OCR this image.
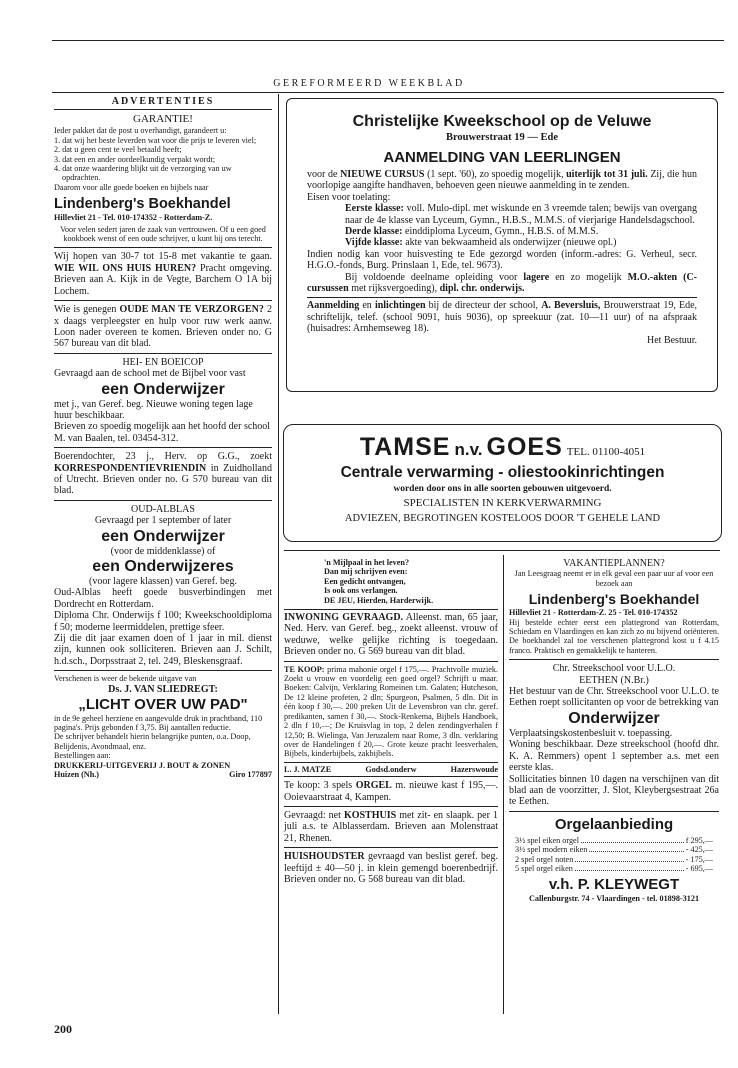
GEREFORMEERD WEEKBLAD

ADVERTENTIES

GARANTIE!

Ieder pakket dat de post u overhandigt, garandeert u:

1. dat wij het beste leverden wat voor die prijs te leveren viel;
2. dat u geen cent te veel betaald heeft;
3. dat een en ander oordeelkundig verpakt wordt;
4. dat onze waardering blijkt uit de verzorging van uw opdrachten.

Daarom voor alle goede boeken en bijbels naar

Lindenberg's Boekhandel

Hillevliet 21 - Tel. 010-174352 - Rotterdam-Z.

Voor velen sedert jaren de zaak van vertrouwen. Of u een goed kookboek wenst of een oude schrijver, u kunt bij ons terecht.

Wij hopen van 30-7 tot 15-8 met vakantie te gaan. WIE WIL ONS HUIS HUREN? Pracht omgeving. Brieven aan A. Kijk in de Vegte, Barchem O 1A bij Lochem.

Wie is genegen OUDE MAN TE VERZORGEN? 2 x daags verpleegster en hulp voor ruw werk aanw. Loon nader overeen te komen. Brieven onder no. G 567 bureau van dit blad.

HEI- EN BOEICOP

Gevraagd aan de school met de Bijbel voor vast

een Onderwijzer

met j., van Geref. beg. Nieuwe woning tegen lage huur beschikbaar.

Brieven zo spoedig mogelijk aan het hoofd der school M. van Baalen, tel. 03454-312.

Boerendochter, 23 j., Herv. op G.G., zoekt KORRESPONDENTIEVRIENDIN in Zuidholland of Utrecht. Brieven onder no. G 570 bureau van dit blad.

OUD-ALBLAS

Gevraagd per 1 september of later

een Onderwijzer

(voor de middenklasse) of

een Onderwijzeres

(voor lagere klassen) van Geref. beg.

Oud-Alblas heeft goede busverbindingen met Dordrecht en Rotterdam.

Diploma Chr. Onderwijs f 100; Kweekschooldiploma f 50; moderne leermiddelen, prettige sfeer.

Zij die dit jaar examen doen of 1 jaar in mil. dienst zijn, kunnen ook solliciteren. Brieven aan J. Schilt, h.d.sch., Dorpsstraat 2, tel. 249, Bleskensgraaf.

Verschenen is weer de bekende uitgave van

Ds. J. VAN SLIEDREGT:

„LICHT OVER UW PAD"

in de 9e geheel herziene en aangevulde druk in prachtband, 110 pagina's. Prijs gebonden f 3,75. Bij aantallen reductie.

De schrijver behandelt hierin belangrijke punten, o.a. Doop, Belijdenis, Avondmaal, enz.

Bestellingen aan:

DRUKKERIJ-UITGEVERIJ J. BOUT & ZONEN

Huizen (Nh.)	Giro 177897

Christelijke Kweekschool op de Veluwe

Brouwerstraat 19 — Ede

AANMELDING VAN LEERLINGEN

voor de NIEUWE CURSUS (1 sept. '60), zo spoedig mogelijk, uiterlijk tot 31 juli. Zij, die hun voorlopige aangifte handhaven, behoeven geen nieuwe aanmelding in te zenden.

Eisen voor toelating:

Eerste klasse: voll. Mulo-dipl. met wiskunde en 3 vreemde talen; bewijs van overgang naar de 4e klasse van Lyceum, Gymn., H.B.S., M.M.S. of vierjarige Handelsdagschool.

Derde klasse: einddiploma Lyceum, Gymn., H.B.S. of M.M.S.

Vijfde klasse: akte van bekwaamheid als onderwijzer (nieuwe opl.)

Indien nodig kan voor huisvesting te Ede gezorgd worden (inform.-adres: G. Verheul, secr. H.G.O.-fonds, Burg. Prinslaan 1, Ede, tel. 9673).

Bij voldoende deelname opleiding voor lagere en zo mogelijk M.O.-akten (C-cursussen met rijksvergoeding), dipl. chr. onderwijs.

Aanmelding en inlichtingen bij de directeur der school, A. Beversluis, Brouwerstraat 19, Ede, schriftelijk, telef. (school 9091, huis 9036), op spreekuur (zat. 10—11 uur) of na afspraak (huisadres: Arnhemseweg 18).

Het Bestuur.

TAMSE n.v. GOES TEL. 01100-4051

Centrale verwarming - oliestookinrichtingen

worden door ons in alle soorten gebouwen uitgevoerd.

SPECIALISTEN IN KERKVERWARMING

ADVIEZEN, BEGROTINGEN KOSTELOOS DOOR 'T GEHELE LAND

'n Mijlpaal in het leven?

Dan mij schrijven even:

Een gedicht ontvangen,

Is ook ons verlangen.

DE JEU, Hierden, Harderwijk.

INWONING GEVRAAGD. Alleenst. man, 65 jaar, Ned. Herv. van Geref. beg., zoekt alleenst. vrouw of weduwe, welke gelijke richting is toegedaan. Brieven onder no. G 569 bureau van dit blad.

TE KOOP: prima mahonie orgel f 175,—. Prachtvolle muziek. Zoekt u vrouw en voordelig een goed orgel? Schrijft u maar. Boeken: Calvijn, Verklaring Romeinen t.m. Galaten; Hutcheson, De 12 kleine profeten, 2 dln; Spurgeon, Psalmen, 5 dln. Dit in één koop f 30,—. 200 preken Uit de Levensbron van chr. geref. predikanten, samen f 30,—. Stock-Renkema, Bijbels Handboek, 2 dln f 10,—; De Kruisvlag in top, 2 delen zendingverhalen f 12,50; B. Wielinga, Van Jeruzalem naar Rome, 3 dln. verklaring over de Handelingen f 20,—. Grote keuze pracht leesverhalen, Bijbels, kinderbijbels, zakbijbels.

L. J. MATZE	Godsd.onderw	Hazerswoude

Te koop: 3 spels ORGEL m. nieuwe kast f 195,—. Ooievaarstraat 4, Kampen.

Gevraagd: net KOSTHUIS met zit- en slaapk. per 1 juli a.s. te Alblasserdam. Brieven aan Molenstraat 21, Rhenen.

HUISHOUDSTER gevraagd van beslist geref. beg. leeftijd ± 40—50 j. in klein gemengd boerenbedrijf. Brieven onder no. G 568 bureau van dit blad.

VAKANTIEPLANNEN?

Jan Leesgraag neemt er in elk geval een paar uur af voor een bezoek aan

Lindenberg's Boekhandel

Hillevliet 21 - Rotterdam-Z. 25 - Tel. 010-174352

Hij bestelde echter eerst een plattegrond van Rotterdam, Schiedam en Vlaardingen en kan zich zo nu bijvend oriënteren. De boekhandel zal toe verschenen plattegrond kost u f 4.15 franco. Praktisch en gemakkelijk te hanteren.

Chr. Streekschool voor U.L.O.

EETHEN (N.Br.)

Het bestuur van de Chr. Streekschool voor U.L.O. te Eethen roept sollicitanten op voor de betrekking van

Onderwijzer

Verplaatsingskostenbesluit v. toepassing.

Woning beschikbaar. Deze streekschool (hoofd dhr. K. A. Remmers) opent 1 september a.s. met een eerste klas.

Sollicitaties binnen 10 dagen na verschijnen van dit blad aan de voorzitter, J. Slot, Kleybergsestraat 26a te Eethen.

Orgelaanbieding

3½ spel eiken orgel	f 295,—
3½ spel modern eiken	- 425,—
2 spel orgel noten	- 175,—
5 spel orgel eiken	- 695,—

v.h. P. KLEYWEGT

Callenburgstr. 74 - Vlaardingen - tel. 01898-3121

200
